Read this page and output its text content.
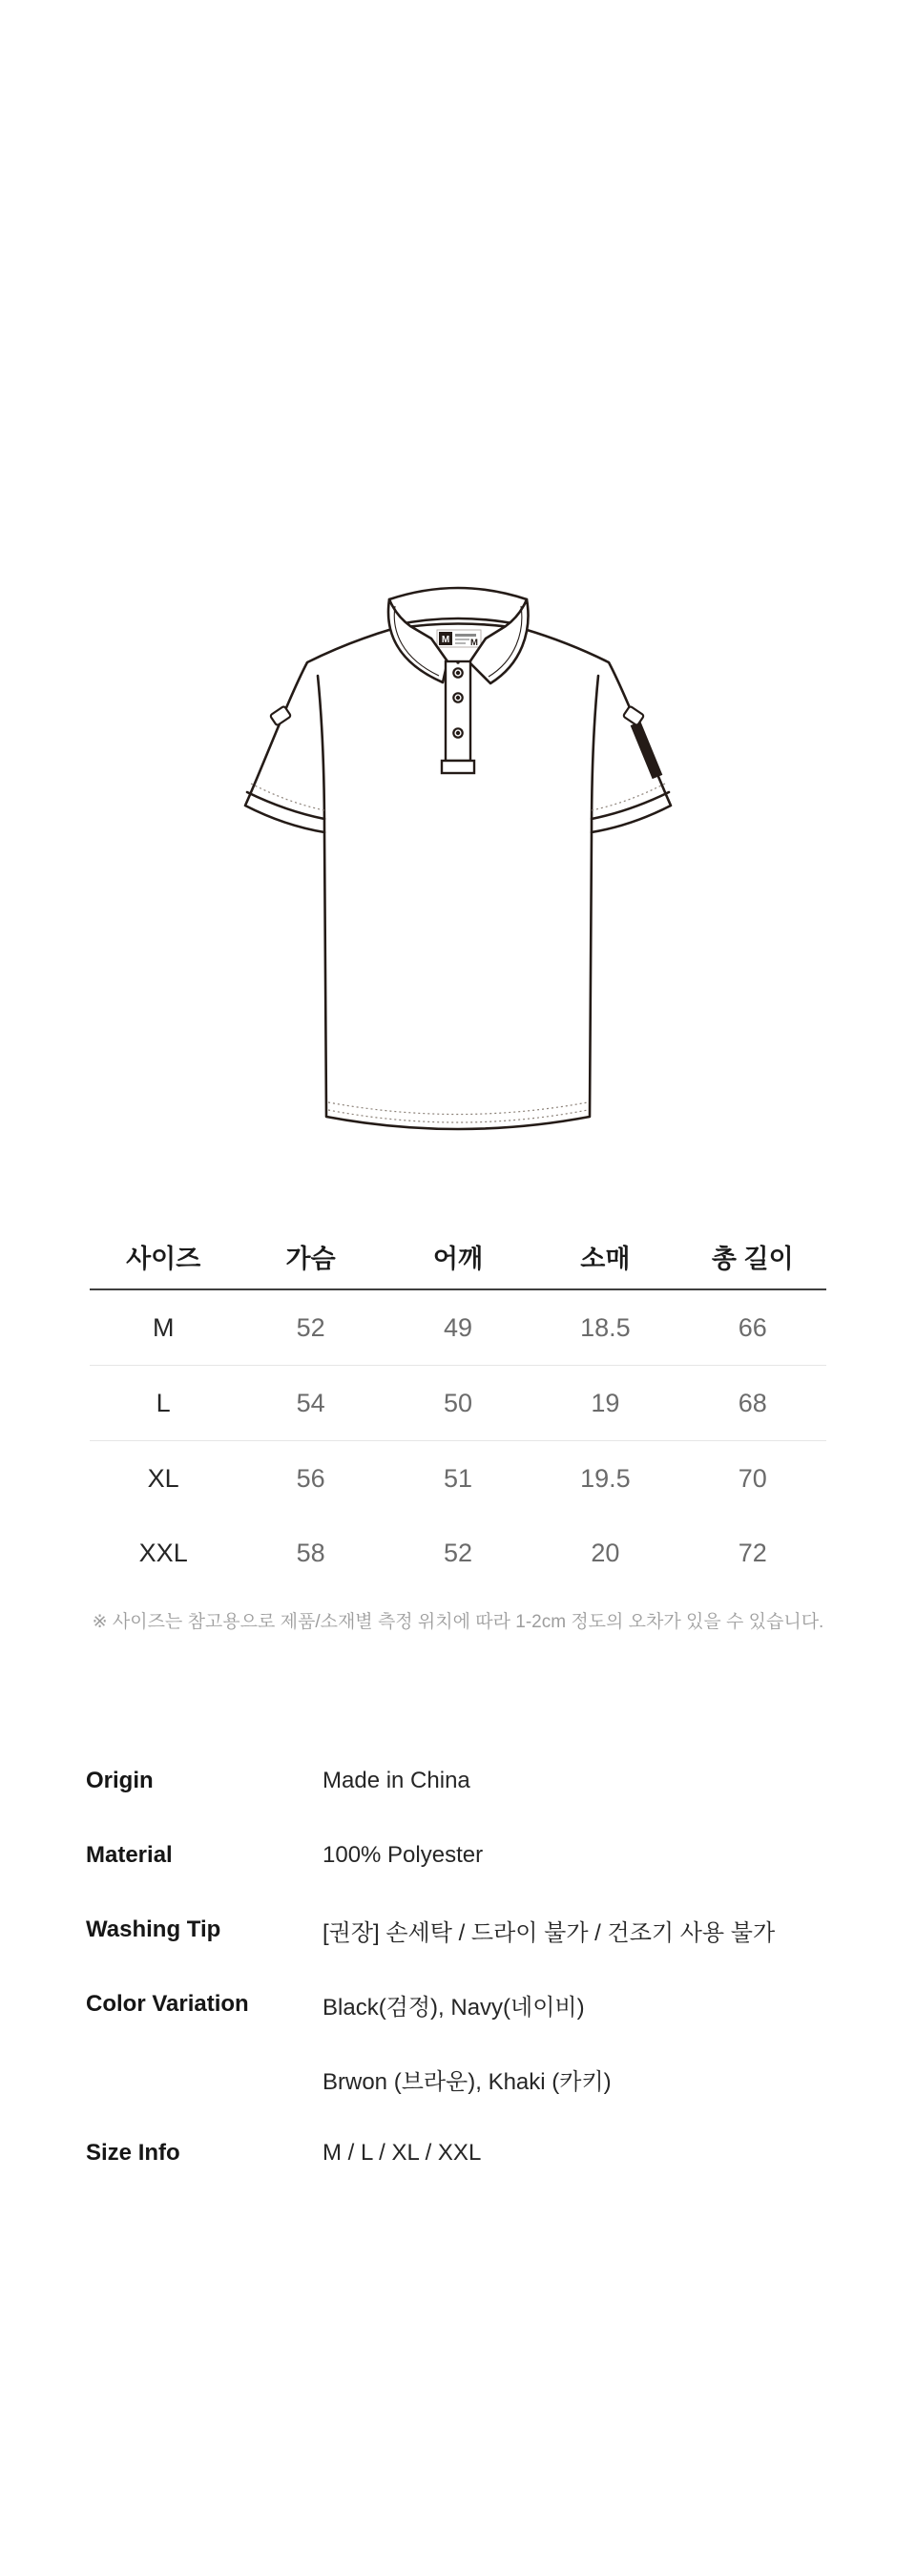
M M
사이즈	가슴	어깨	소매	총 길이
M	52	49	18.5	66
L	54	50	19	68
XL	56	51	19.5	70
XXL	58	52	20	72

※ 사이즈는 참고용으로 제품/소재별 측정 위치에 따라 1-2cm 정도의 오차가 있을 수 있습니다.

Origin	Made in China
Material	100% Polyester
Washing Tip	[권장] 손세탁 / 드라이 불가 / 건조기 사용 불가
Color Variation	Black(검정), Navy(네이비)
Brwon (브라운), Khaki (카키)
Size Info	M / L / XL / XXL
